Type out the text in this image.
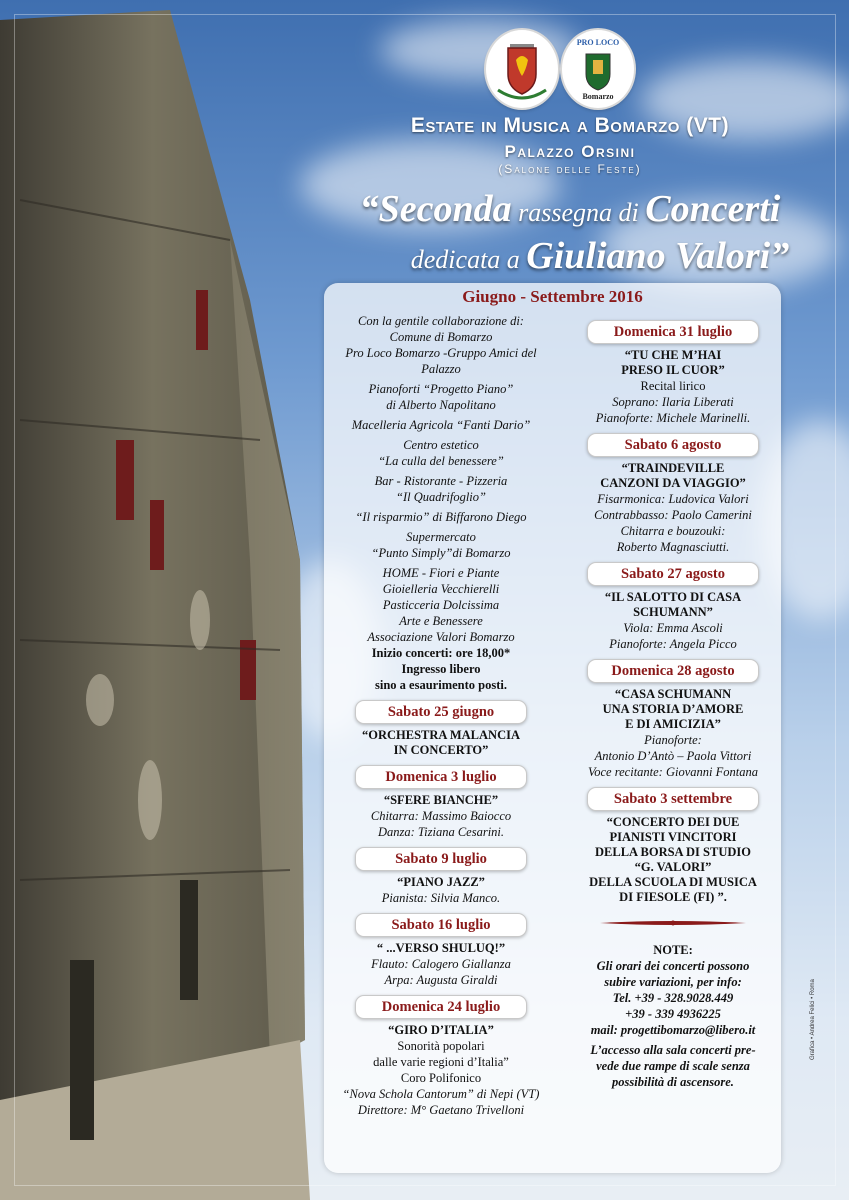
PRO LOCO
Bomarzo
Estate in Musica a Bomarzo (VT)
Palazzo Orsini
(Salone delle Feste)
“Seconda rassegna di Concerti
dedicata a Giuliano Valori”
Giugno - Settembre 2016
Con la gentile collaborazione di:
Comune di Bomarzo
Pro Loco Bomarzo -Gruppo Amici del Palazzo
Pianoforti “Progetto Piano”
di Alberto Napolitano
Macelleria Agricola “Fanti Dario”
Centro estetico
“La culla del benessere”
Bar - Ristorante - Pizzeria
“Il Quadrifoglio”
“Il risparmio” di Biffarono Diego
Supermercato
“Punto Simply”di Bomarzo
HOME - Fiori e Piante
Gioielleria Vecchierelli
Pasticceria Dolcissima
Arte e Benessere
Associazione Valori Bomarzo
Inizio concerti: ore 18,00*
Ingresso libero
sino a esaurimento posti.
Sabato 25 giugno
“ORCHESTRA MALANCIA
IN CONCERTO”
Domenica 3 luglio
“SFERE BIANCHE”
Chitarra: Massimo Baiocco
Danza: Tiziana Cesarini.
Sabato 9 luglio
“PIANO JAZZ”
Pianista: Silvia Manco.
Sabato 16 luglio
“ ...VERSO SHULUQ!”
Flauto: Calogero Giallanza
Arpa: Augusta Giraldi
Domenica 24 luglio
“GIRO D’ITALIA”
Sonorità popolari
dalle varie regioni d’Italia”
Coro Polifonico
“Nova Schola Cantorum” di Nepi (VT)
Direttore: M° Gaetano Trivelloni
Domenica 31 luglio
“TU CHE M’HAI
PRESO IL CUOR”
Recital lirico
Soprano: Ilaria Liberati
Pianoforte: Michele Marinelli.
Sabato 6 agosto
“TRAINDEVILLE
CANZONI DA VIAGGIO”
Fisarmonica: Ludovica Valori
Contrabbasso: Paolo Camerini
Chitarra e bouzouki:
Roberto Magnasciutti.
Sabato 27 agosto
“IL SALOTTO DI CASA
SCHUMANN”
Viola: Emma Ascoli
Pianoforte: Angela Picco
Domenica 28 agosto
“CASA SCHUMANN
UNA STORIA D’AMORE
E DI AMICIZIA”
Pianoforte:
Antonio D’Antò – Paola Vittori
Voce recitante: Giovanni Fontana
Sabato 3 settembre
“CONCERTO DEI DUE
PIANISTI VINCITORI
DELLA BORSA DI STUDIO
“G. VALORI”
DELLA SCUOLA DI MUSICA
DI FIESOLE (FI) ”.
NOTE:
Gli orari dei concerti possono
subire variazioni, per info:
Tel. +39 - 328.9028.449
+39 - 339 4936225
mail: progettibomarzo@libero.it
L’accesso alla sala concerti pre-
vede due rampe di scale senza
possibilità di ascensore.
Grafica • Andrea Felici • Roma
